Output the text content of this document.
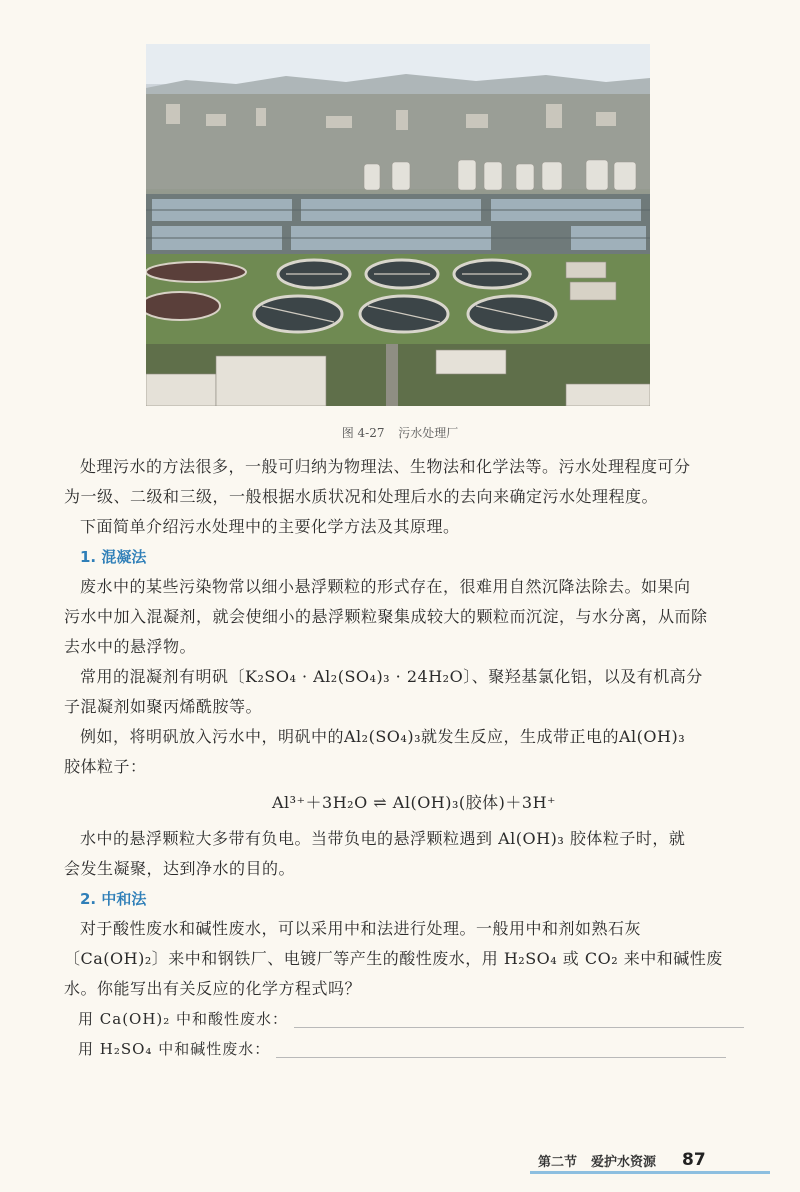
图 4-27 污水处理厂

处理污水的方法很多，一般可归纳为物理法、生物法和化学法等。污水处理程度可分
为一级、二级和三级，一般根据水质状况和处理后水的去向来确定污水处理程度。

下面简单介绍污水处理中的主要化学方法及其原理。

1. 混凝法

废水中的某些污染物常以细小悬浮颗粒的形式存在，很难用自然沉降法除去。如果向
污水中加入混凝剂，就会使细小的悬浮颗粒聚集成较大的颗粒而沉淀，与水分离，从而除
去水中的悬浮物。

常用的混凝剂有明矾〔K₂SO₄ · Al₂(SO₄)₃ · 24H₂O〕、聚羟基氯化铝，以及有机高分
子混凝剂如聚丙烯酰胺等。

例如，将明矾放入污水中，明矾中的Al₂(SO₄)₃就发生反应，生成带正电的Al(OH)₃
胶体粒子：

Al³⁺＋3H₂O ⇌ Al(OH)₃(胶体)＋3H⁺

水中的悬浮颗粒大多带有负电。当带负电的悬浮颗粒遇到 Al(OH)₃ 胶体粒子时，就
会发生凝聚，达到净水的目的。

2. 中和法

对于酸性废水和碱性废水，可以采用中和法进行处理。一般用中和剂如熟石灰
〔Ca(OH)₂〕来中和钢铁厂、电镀厂等产生的酸性废水，用 H₂SO₄ 或 CO₂ 来中和碱性废
水。你能写出有关反应的化学方程式吗？

用 Ca(OH)₂ 中和酸性废水：
用 H₂SO₄ 中和碱性废水：
第二节 爱护水资源 87
